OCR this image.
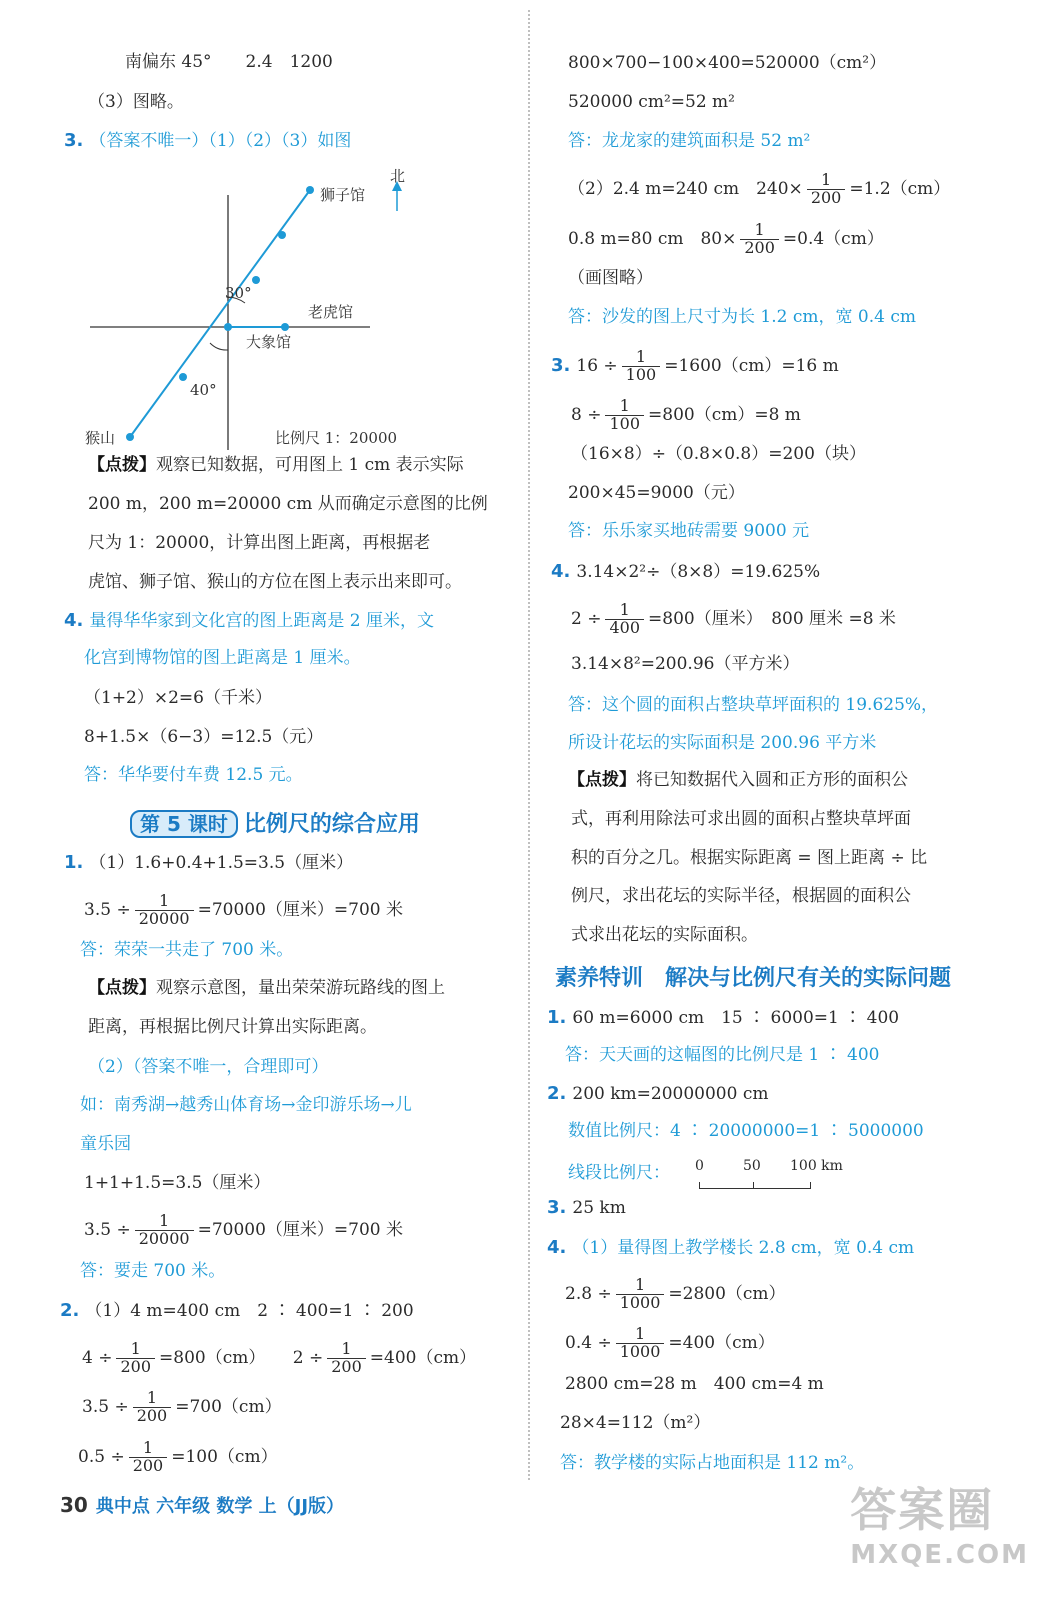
南偏东 45°　　2.4　1200
（3）图略。
3. （答案不唯一）（1）（2）（3）如图
北
狮子馆
老虎馆
大象馆
猴山
30°
40°
比例尺 1：20000
【点拨】观察已知数据，可用图上 1 cm 表示实际
200 m，200 m=20000 cm 从而确定示意图的比例
尺为 1：20000，计算出图上距离，再根据老
虎馆、狮子馆、猴山的方位在图上表示出来即可。
4. 量得华华家到文化宫的图上距离是 2 厘米，文
化宫到博物馆的图上距离是 1 厘米。
（1+2）×2=6（千米）
8+1.5×（6−3）=12.5（元）
答：华华要付车费 12.5 元。
第 5 课时 比例尺的综合应用
1. （1）1.6+0.4+1.5=3.5（厘米）
$3.5 \div \frac{1}{20000} =70000$（厘米）=700 米
答：荣荣一共走了 700 米。
【点拨】观察示意图，量出荣荣游玩路线的图上
距离，再根据比例尺计算出实际距离。
（2）（答案不唯一，合理即可）
如：南秀湖→越秀山体育场→金印游乐场→儿
童乐园
1+1+1.5=3.5（厘米）
$3.5 \div \frac{1}{20000} =70000$（厘米）=700 米
答：要走 700 米。
2. （1）4 m=400 cm　2 ∶ 400=1 ∶ 200
$4 \div \frac{1}{200} =800(cm) 2 \div \frac{1}{200} =400(cm)$
$3.5 \div \frac{1}{200} =700(cm)$
$0.5 \div \frac{1}{200} =100(cm)$
800×700−100×400=520000（cm²）
520000 cm²=52 m²
答：龙龙家的建筑面积是 52 m²
（2）2.4 m=240 cm　$240\times \frac{1}{200} =1.2(cm)$
0.8 m=80 cm　$80\times \frac{1}{200} =0.4(cm)$
（画图略）
答：沙发的图上尺寸为长 1.2 cm，宽 0.4 cm
3. $16 \div \frac{1}{100} =1600(cm)=16$ m
$8 \div \frac{1}{100} =800(cm)=8$ m
（16×8）÷（0.8×0.8）=200（块）
200×45=9000（元）
答：乐乐家买地砖需要 9000 元
4. 3.14×2²÷（8×8）=19.625%
$2 \div \frac{1}{400} =800$（厘米）　800 厘米 =8 米
3.14×8²=200.96（平方米）
答：这个圆的面积占整块草坪面积的 19.625%，
所设计花坛的实际面积是 200.96 平方米
【点拨】将已知数据代入圆和正方形的面积公
式，再利用除法可求出圆的面积占整块草坪面
积的百分之几。根据实际距离 = 图上距离 ÷ 比
例尺，求出花坛的实际半径，根据圆的面积公
式求出花坛的实际面积。
素养特训　解决与比例尺有关的实际问题
1. 60 m=6000 cm　15 ∶ 6000=1 ∶ 400
答：天天画的这幅图的比例尺是 1 ∶ 400
2. 200 km=20000000 cm
数值比例尺：4 ∶ 20000000=1 ∶ 5000000
线段比例尺： 0	50 100 km
3. 25 km
4. （1）量得图上教学楼长 2.8 cm，宽 0.4 cm
$2.8 \div \frac{1}{1000} =2800(cm)$
$0.4 \div \frac{1}{1000} =400(cm)$
2800 cm=28 m　400 cm=4 m
28×4=112（m²）
答：教学楼的实际占地面积是 112 m²。
30 典中点 六年级 数学 上（JJ版）	答案圈
MXQE.COM
